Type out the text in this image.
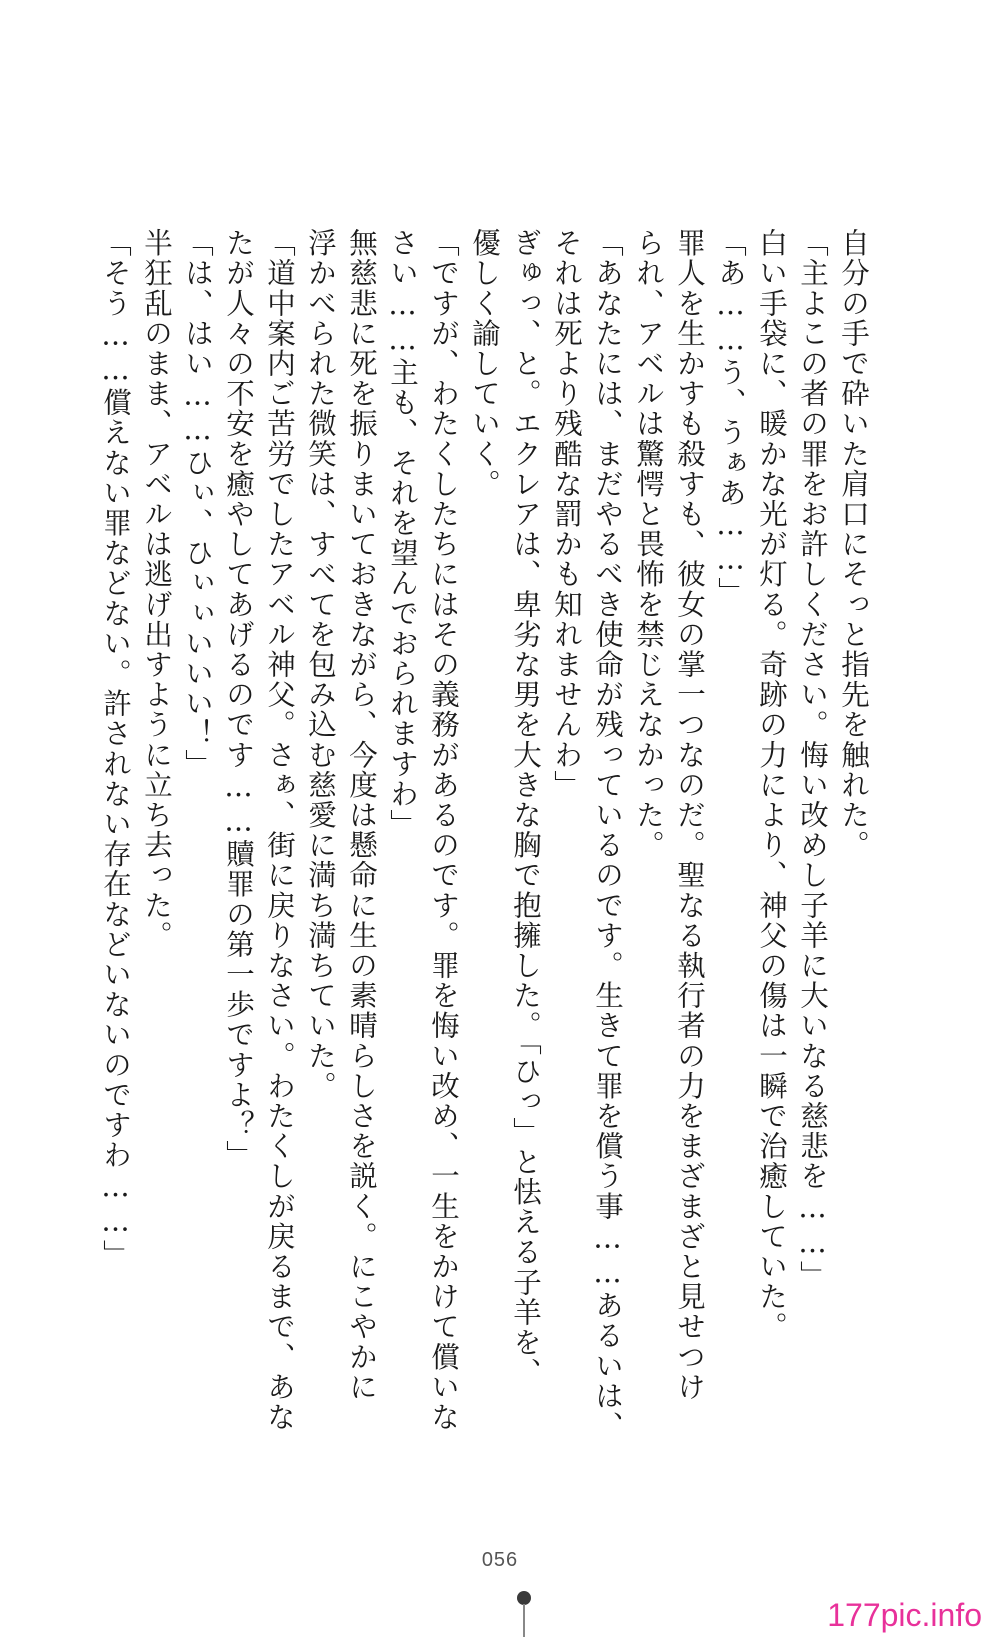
自分の手で砕いた肩口にそっと指先を触れた。
「主よこの者の罪をお許しください。悔い改めし子羊に大いなる慈悲を……」
白い手袋に、暖かな光が灯る。奇跡の力により、神父の傷は一瞬で治癒していた。
「あ……う、うぁあ……」
罪人を生かすも殺すも、彼女の掌一つなのだ。聖なる執行者の力をまざまざと見せつけ
られ、アベルは驚愕と畏怖を禁じえなかった。
「あなたには、まだやるべき使命が残っているのです。生きて罪を償う事……あるいは、
それは死より残酷な罰かも知れませんわ」
ぎゅっ、と。エクレアは、卑劣な男を大きな胸で抱擁した。「ひっ」と怯える子羊を、
優しく諭していく。
「ですが、わたくしたちにはその義務があるのです。罪を悔い改め、一生をかけて償いな
さい……主も、それを望んでおられますわ」
無慈悲に死を振りまいておきながら、今度は懸命に生の素晴らしさを説く。にこやかに
浮かべられた微笑は、すべてを包み込む慈愛に満ち満ちていた。
「道中案内ご苦労でしたアベル神父。さぁ、街に戻りなさい。わたくしが戻るまで、あな
たが人々の不安を癒やしてあげるのです……贖罪の第一歩ですよ？」
「は、はい……ひぃ、ひぃぃいいい！」
半狂乱のまま、アベルは逃げ出すように立ち去った。
「そう……償えない罪などない。許されない存在などいないのですわ……」
056
177pic.info
